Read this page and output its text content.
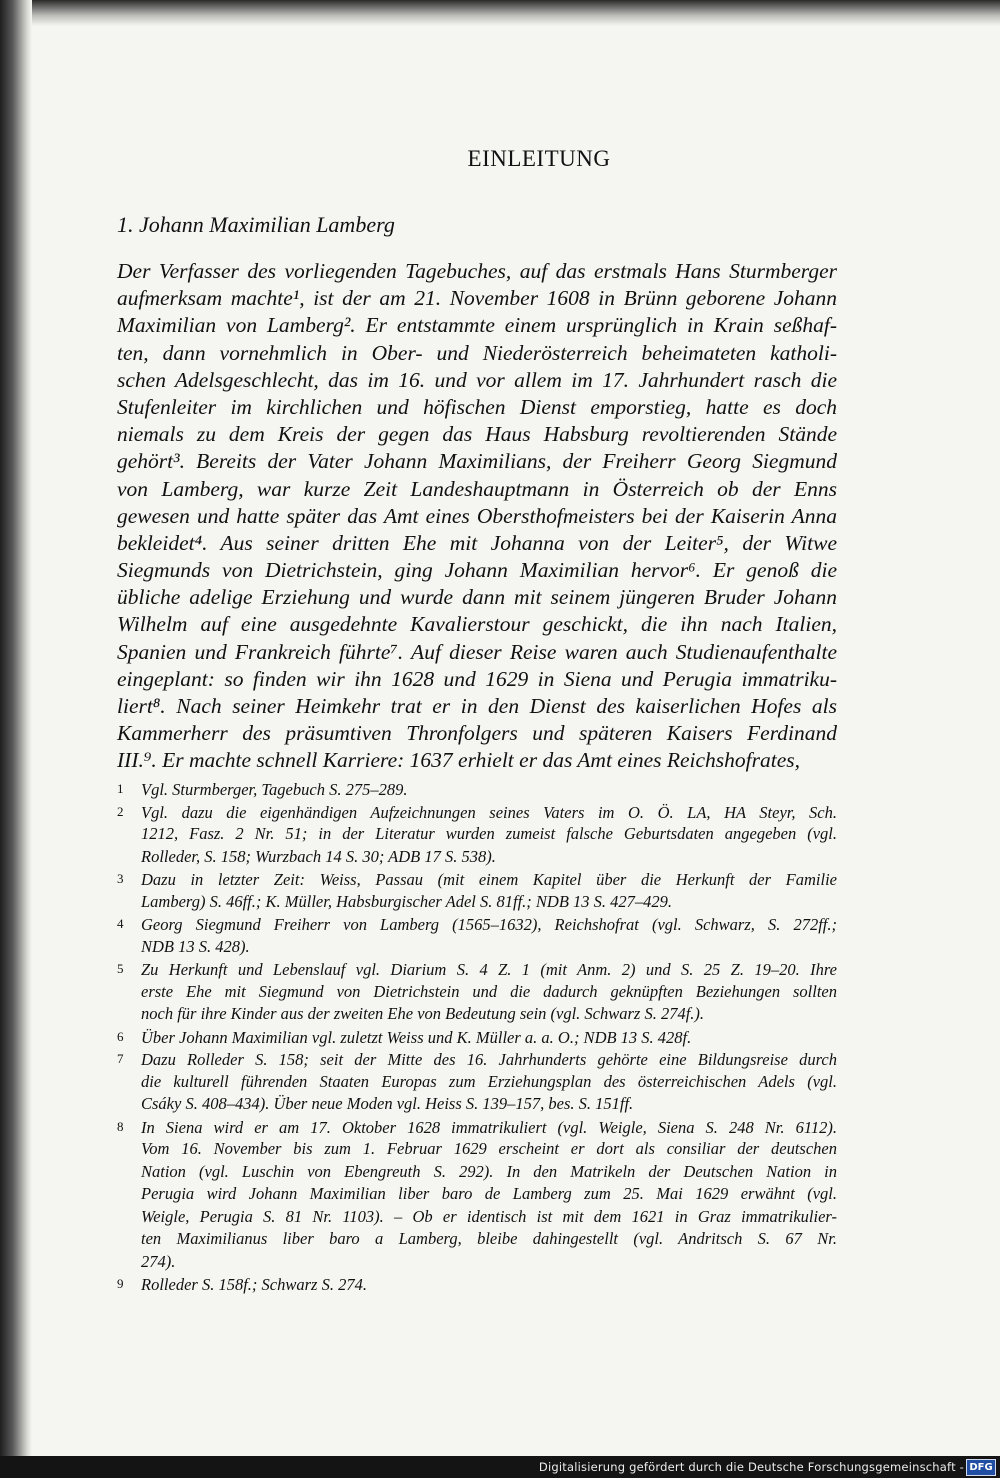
EINLEITUNG
1. Johann Maximilian Lamberg
Der Verfasser des vorliegenden Tagebuches, auf das erstmals Hans Sturmberger
aufmerksam machte¹, ist der am 21. November 1608 in Brünn geborene Johann
Maximilian von Lamberg². Er entstammte einem ursprünglich in Krain seßhaf-
ten, dann vornehmlich in Ober- und Niederösterreich beheimateten katholi-
schen Adelsgeschlecht, das im 16. und vor allem im 17. Jahrhundert rasch die
Stufenleiter im kirchlichen und höfischen Dienst emporstieg, hatte es doch
niemals zu dem Kreis der gegen das Haus Habsburg revoltierenden Stände
gehört³. Bereits der Vater Johann Maximilians, der Freiherr Georg Siegmund
von Lamberg, war kurze Zeit Landeshauptmann in Österreich ob der Enns
gewesen und hatte später das Amt eines Obersthofmeisters bei der Kaiserin Anna
bekleidet⁴. Aus seiner dritten Ehe mit Johanna von der Leiter⁵, der Witwe
Siegmunds von Dietrichstein, ging Johann Maximilian hervor⁶. Er genoß die
übliche adelige Erziehung und wurde dann mit seinem jüngeren Bruder Johann
Wilhelm auf eine ausgedehnte Kavalierstour geschickt, die ihn nach Italien,
Spanien und Frankreich führte⁷. Auf dieser Reise waren auch Studienaufenthalte
eingeplant: so finden wir ihn 1628 und 1629 in Siena und Perugia immatriku-
liert⁸. Nach seiner Heimkehr trat er in den Dienst des kaiserlichen Hofes als
Kammerherr des präsumtiven Thronfolgers und späteren Kaisers Ferdinand
III.⁹. Er machte schnell Karriere: 1637 erhielt er das Amt eines Reichshofrates,
1 Vgl. Sturmberger, Tagebuch S. 275–289.
2 Vgl. dazu die eigenhändigen Aufzeichnungen seines Vaters im O. Ö. LA, HA Steyr, Sch.
1212, Fasz. 2 Nr. 51; in der Literatur wurden zumeist falsche Geburtsdaten angegeben (vgl.
Rolleder, S. 158; Wurzbach 14 S. 30; ADB 17 S. 538).
3 Dazu in letzter Zeit: Weiss, Passau (mit einem Kapitel über die Herkunft der Familie
Lamberg) S. 46ff.; K. Müller, Habsburgischer Adel S. 81ff.; NDB 13 S. 427–429.
4 Georg Siegmund Freiherr von Lamberg (1565–1632), Reichshofrat (vgl. Schwarz, S. 272ff.;
NDB 13 S. 428).
5 Zu Herkunft und Lebenslauf vgl. Diarium S. 4 Z. 1 (mit Anm. 2) und S. 25 Z. 19–20. Ihre
erste Ehe mit Siegmund von Dietrichstein und die dadurch geknüpften Beziehungen sollten
noch für ihre Kinder aus der zweiten Ehe von Bedeutung sein (vgl. Schwarz S. 274f.).
6 Über Johann Maximilian vgl. zuletzt Weiss und K. Müller a. a. O.; NDB 13 S. 428f.
7 Dazu Rolleder S. 158; seit der Mitte des 16. Jahrhunderts gehörte eine Bildungsreise durch
die kulturell führenden Staaten Europas zum Erziehungsplan des österreichischen Adels (vgl.
Csáky S. 408–434). Über neue Moden vgl. Heiss S. 139–157, bes. S. 151ff.
8 In Siena wird er am 17. Oktober 1628 immatrikuliert (vgl. Weigle, Siena S. 248 Nr. 6112).
Vom 16. November bis zum 1. Februar 1629 erscheint er dort als consiliar der deutschen
Nation (vgl. Luschin von Ebengreuth S. 292). In den Matrikeln der Deutschen Nation in
Perugia wird Johann Maximilian liber baro de Lamberg zum 25. Mai 1629 erwähnt (vgl.
Weigle, Perugia S. 81 Nr. 1103). – Ob er identisch ist mit dem 1621 in Graz immatrikulier-
ten Maximilianus liber baro a Lamberg, bleibe dahingestellt (vgl. Andritsch S. 67 Nr.
274).
9 Rolleder S. 158f.; Schwarz S. 274.
Digitalisierung gefördert durch die Deutsche Forschungsgemeinschaft - DFG
